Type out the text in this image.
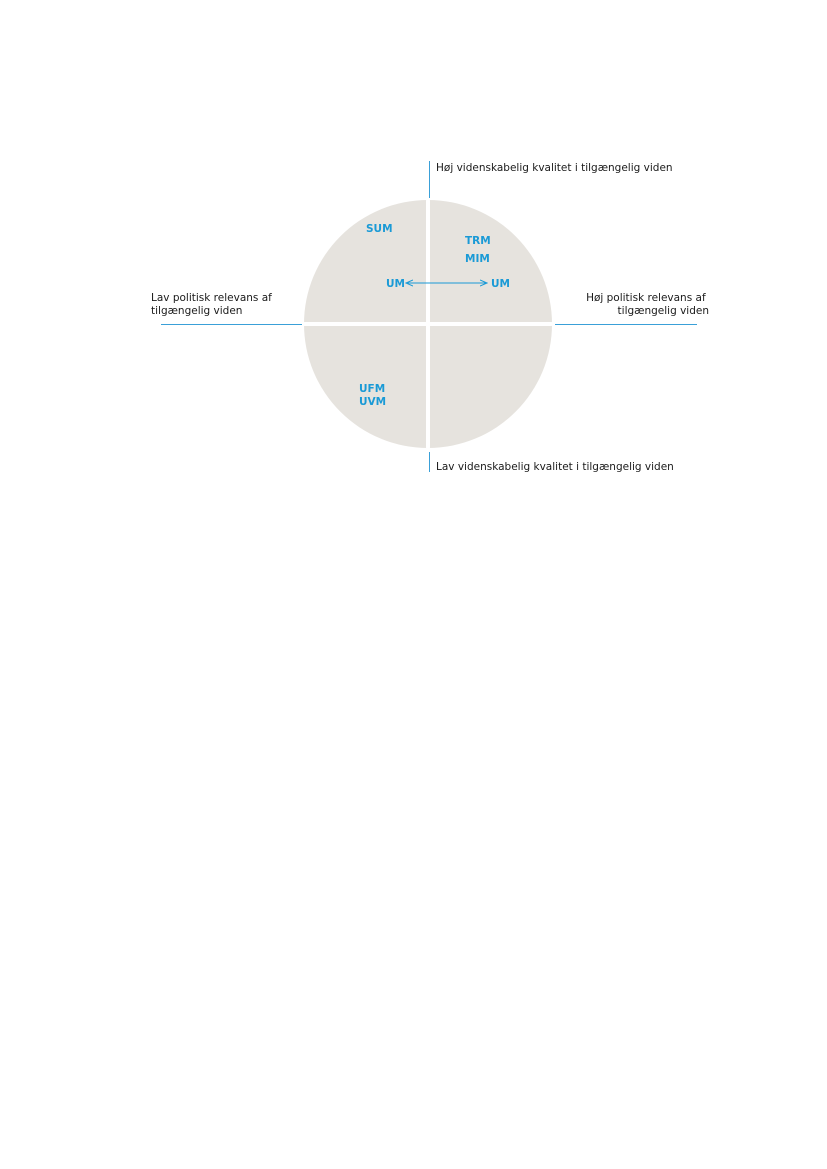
Høj videnskabelig kvalitet i tilgængelig viden
Lav videnskabelig kvalitet i tilgængelig viden
Lav politisk relevans af tilgængelig viden
Høj politisk relevans af tilgængelig viden
SUM
TRM
MIM
UFM
UVM
UM	UM
